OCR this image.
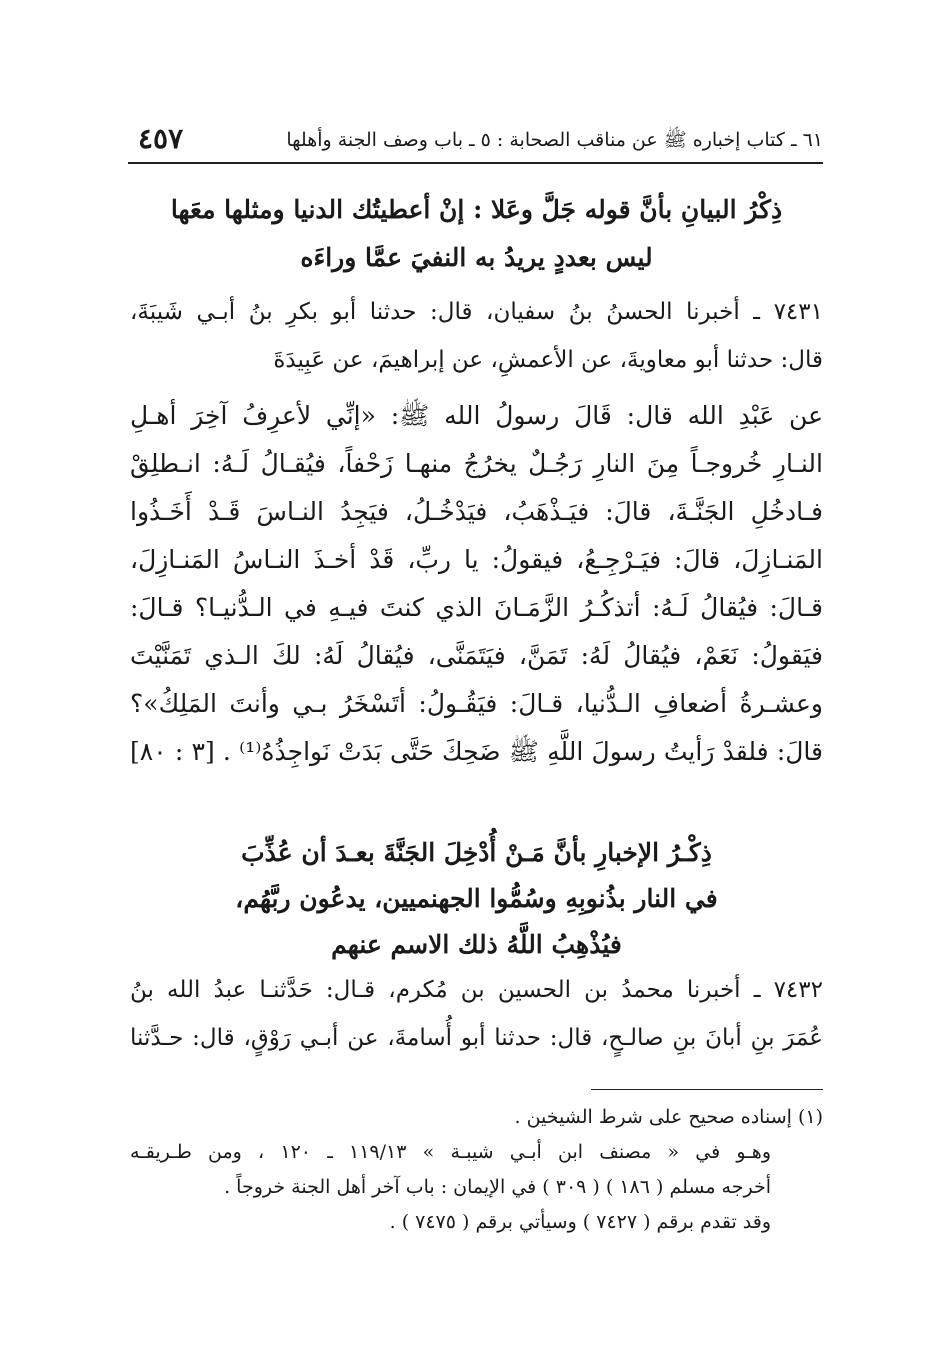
٦١ ـ كتاب إخباره ﷺ عن مناقب الصحابة : ٥ ـ باب وصف الجنة وأهلها
٤٥٧
ذِكْرُ البيانِ بأنَّ قوله جَلَّ وعَلا : إنْ أعطيتُك الدنيا ومثلها معَها
ليس بعددٍ يريدُ به النفيَ عمَّا وراءَه
٧٤٣١ ـ أخبرنا الحسنُ بنُ سفيان، قال: حدثنا أبو بكرِ بنُ أبـي شَيبَةَ،
قال: حدثنا أبو معاويةَ، عن الأعمشِ، عن إبراهيمَ، عن عَبِيدَةَ
عن عَبْدِ الله قال: قَالَ رسولُ الله ﷺ: «إنِّي لأعرِفُ آخِرَ أهـلِ
النـارِ خُروجـاً مِنَ النارِ رَجُـلٌ يخرُجُ منهـا زَحْفاً، فيُقـالُ لَـهُ: انـطلِقْ
فـادخُلِ الجَنَّـةَ، قالَ: فيَـذْهَبُ، فيَدْخُـلُ، فيَجِدُ النـاسَ قَـدْ أَخَـذُوا
المَنـازِلَ، قالَ: فيَـرْجِـعُ، فيقولُ: يا ربِّ، قَدْ أخـذَ النـاسُ المَنـازِلَ،
قـالَ: فيُقالُ لَـهُ: أتذكُـرُ الزَّمَـانَ الذي كنتَ فيـهِ في الـدُّنيـا؟ قـالَ:
فيَقولُ: نَعَمْ، فيُقالُ لَهُ: تَمَنَّ، فيَتَمَنَّى، فيُقالُ لَهُ: لكَ الـذي تَمَنَّيْتَ
وعشـرةُ أضعافِ الـدُّنيا، قـالَ: فيَقُـولُ: أتَسْخَرُ بـي وأنتَ المَلِكُ»؟
قالَ: فلقدْ رَأيتُ رسولَ اللَّهِ ﷺ ضَحِكَ حَتَّى بَدَتْ نَواجِذُهُ⁽¹⁾ . [٣ : ٨٠]
ذِكْـرُ الإخبارِ بأنَّ مَـنْ أُدْخِلَ الجَنَّةَ بعـدَ أن عُذِّبَ
في النار بذُنوبِهِ وسُمُّوا الجهنميين، يدعُون ربَّهُم،
فيُذْهِبُ اللَّهُ ذلك الاسم عنهم
٧٤٣٢ ـ أخبرنا محمدُ بن الحسين بن مُكرم، قـال: حَدَّثنـا عبدُ الله بنُ
عُمَرَ بنِ أبانَ بنِ صالـحٍ، قال: حدثنا أبو أُسامةَ، عن أبـي رَوْقٍ، قال: حـدَّثنا
(١) إسناده صحيح على شرط الشيخين .
وهـو في « مصنف ابن أبـي شيبـة » ١١٩/١٣ ـ ١٢٠ ، ومن طـريقـه
أخرجه مسلم ( ١٨٦ ) ( ٣٠٩ ) في الإيمان : باب آخر أهل الجنة خروجاً .
وقد تقدم برقم ( ٧٤٢٧ ) وسيأتي برقم ( ٧٤٧٥ ) .
